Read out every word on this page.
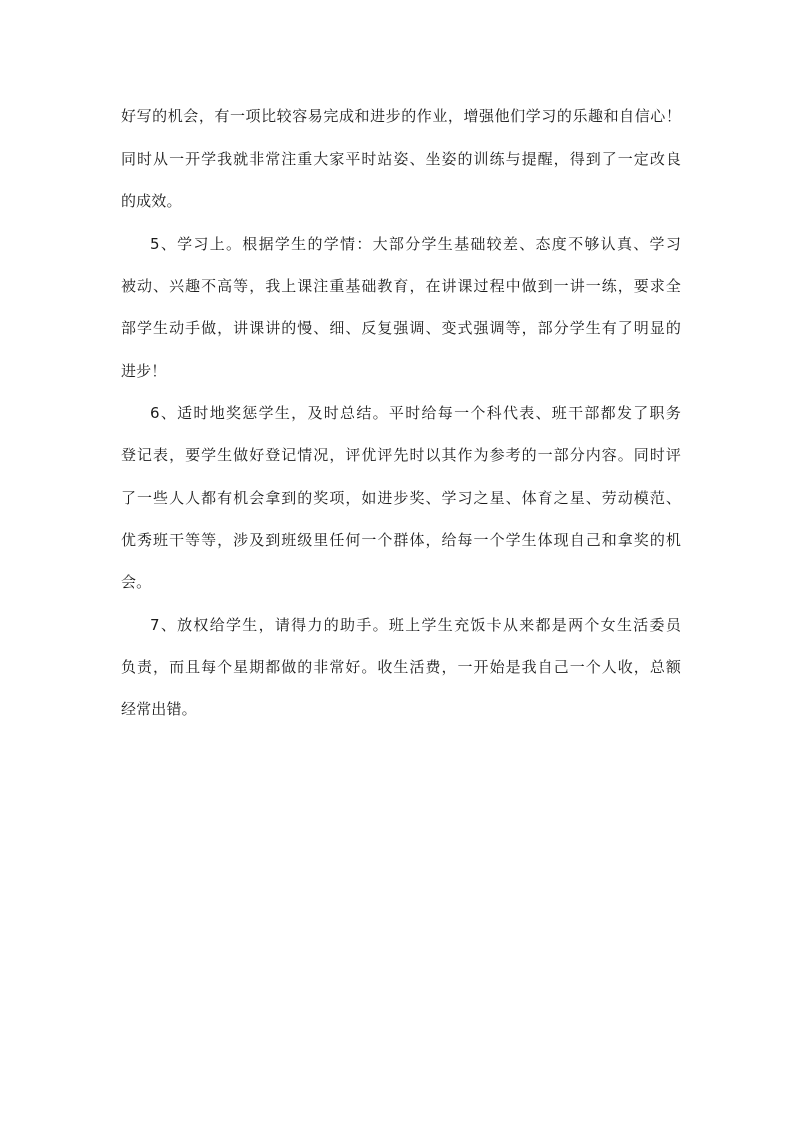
好写的机会，有一项比较容易完成和进步的作业，增强他们学习的乐趣和自信心！
同时从一开学我就非常注重大家平时站姿、坐姿的训练与提醒，得到了一定改良
的成效。
5、学习上。根据学生的学情：大部分学生基础较差、态度不够认真、学习
被动、兴趣不高等，我上课注重基础教育，在讲课过程中做到一讲一练，要求全
部学生动手做，讲课讲的慢、细、反复强调、变式强调等，部分学生有了明显的
进步！
6、适时地奖惩学生，及时总结。平时给每一个科代表、班干部都发了职务
登记表，要学生做好登记情况，评优评先时以其作为参考的一部分内容。同时评
了一些人人都有机会拿到的奖项，如进步奖、学习之星、体育之星、劳动模范、
优秀班干等等，涉及到班级里任何一个群体，给每一个学生体现自己和拿奖的机
会。
7、放权给学生，请得力的助手。班上学生充饭卡从来都是两个女生活委员
负责，而且每个星期都做的非常好。收生活费，一开始是我自己一个人收，总额
经常出错。
